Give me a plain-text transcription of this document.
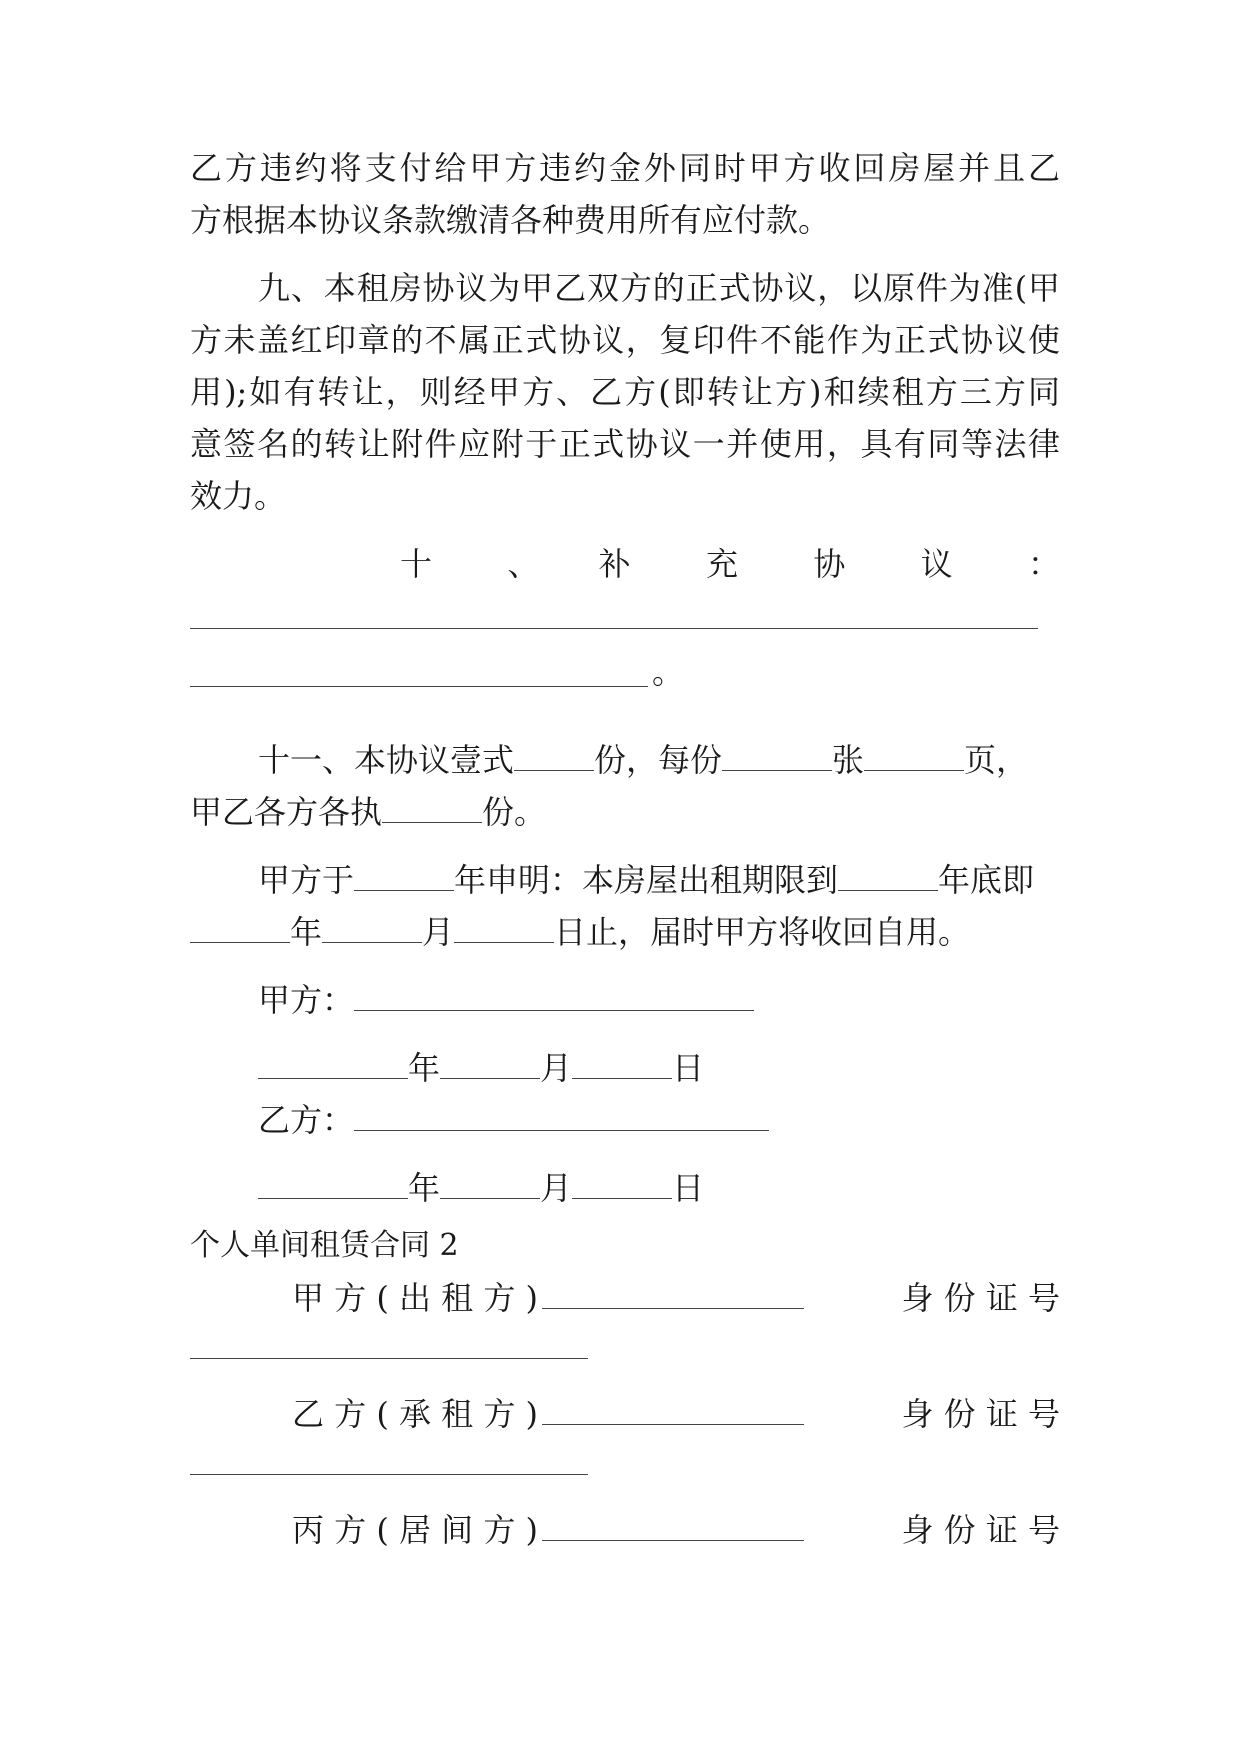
乙方违约将支付给甲方违约金外同时甲方收回房屋并且乙
方根据本协议条款缴清各种费用所有应付款。
九、本租房协议为甲乙双方的正式协议，以原件为准(甲
方未盖红印章的不属正式协议，复印件不能作为正式协议使
用);如有转让，则经甲方、乙方(即转让方)和续租方三方同
意签名的转让附件应附于正式协议一并使用，具有同等法律
效力。
十　、　补　充　协　议　：
。
十一、本协议壹式	份，每份	张	页，
甲乙各方各执	份。
甲方于	年申明：本房屋出租期限到	年底即
年	月	日止，届时甲方将收回自用。
甲方：
年	月	日
乙方：
年	月	日
个人单间租赁合同 2
甲 方 ( 出 租 方 )	身 份 证 号
乙 方 ( 承 租 方 )	身 份 证 号
丙 方 ( 居 间 方 )	身 份 证 号
